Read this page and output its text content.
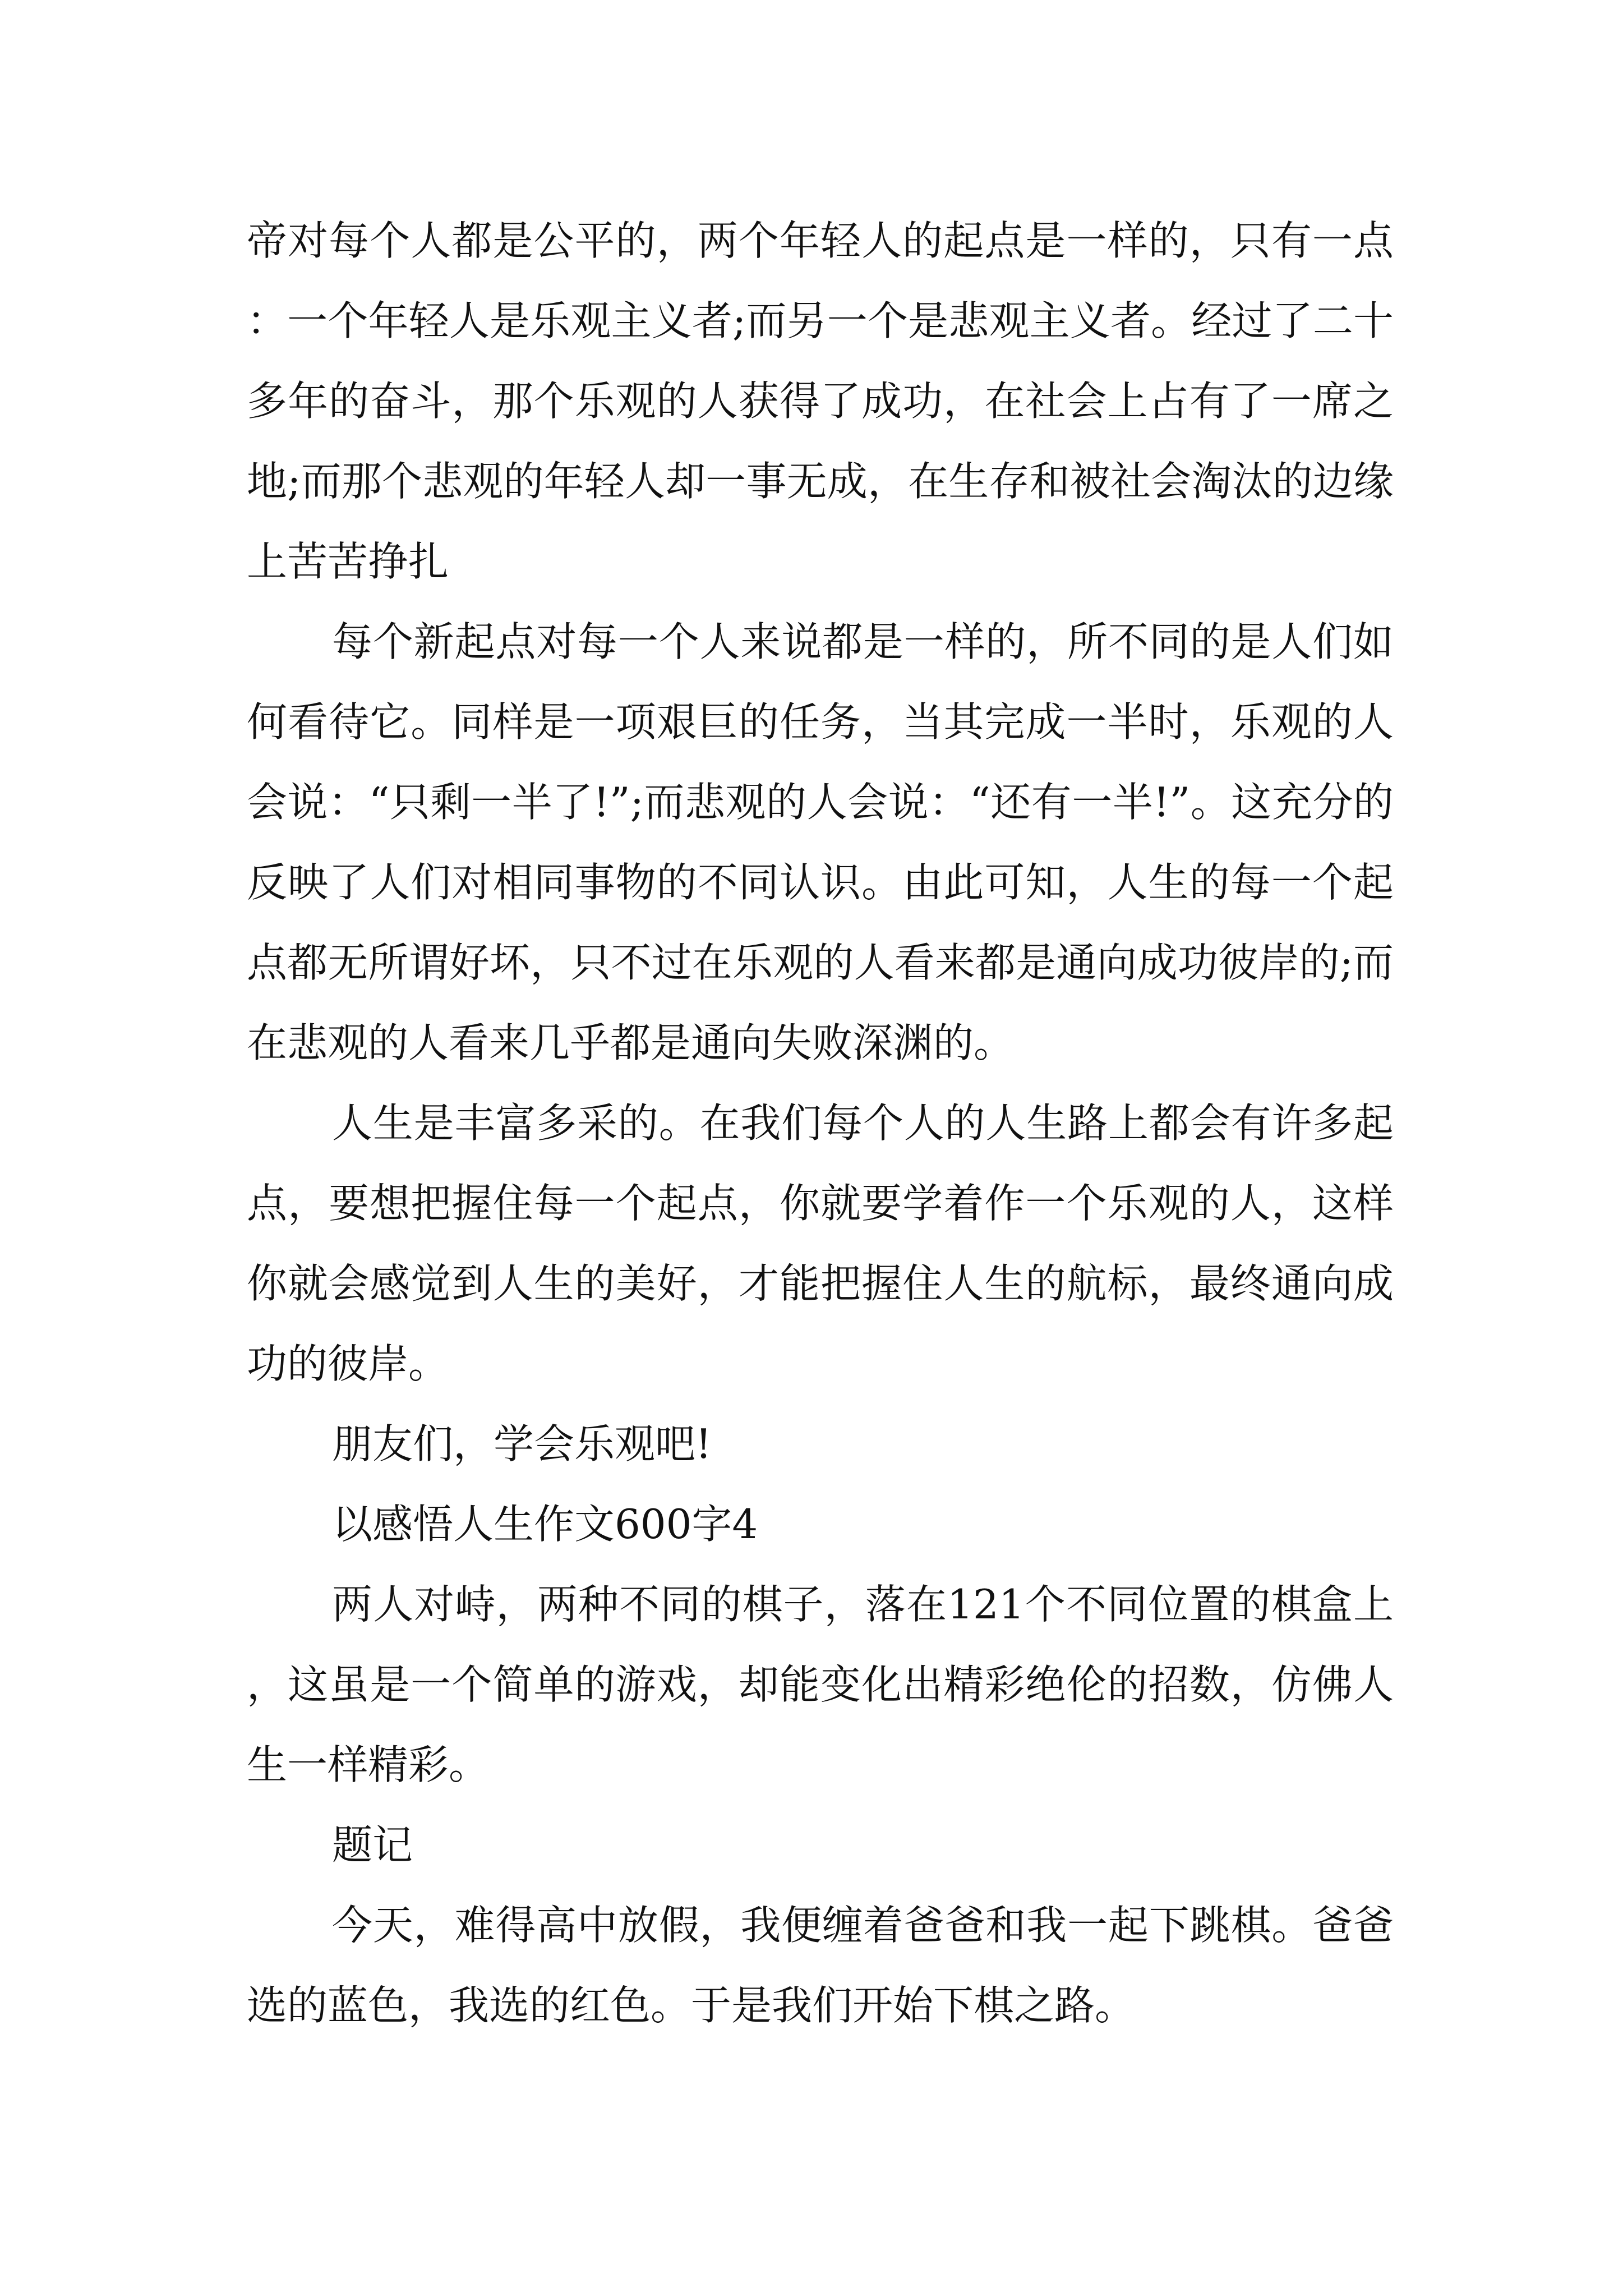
帝对每个人都是公平的，两个年轻人的起点是一样的，只有一点：一个年轻人是乐观主义者;而另一个是悲观主义者。经过了二十多年的奋斗，那个乐观的人获得了成功，在社会上占有了一席之地;而那个悲观的年轻人却一事无成，在生存和被社会淘汰的边缘上苦苦挣扎

每个新起点对每一个人来说都是一样的，所不同的是人们如何看待它。同样是一项艰巨的任务，当其完成一半时，乐观的人会说：“只剩一半了!”;而悲观的人会说：“还有一半!”。这充分的反映了人们对相同事物的不同认识。由此可知，人生的每一个起点都无所谓好坏，只不过在乐观的人看来都是通向成功彼岸的;而在悲观的人看来几乎都是通向失败深渊的。

人生是丰富多采的。在我们每个人的人生路上都会有许多起点，要想把握住每一个起点，你就要学着作一个乐观的人，这样你就会感觉到人生的美好，才能把握住人生的航标，最终通向成功的彼岸。

朋友们，学会乐观吧!

以感悟人生作文600字4

两人对峙，两种不同的棋子，落在121个不同位置的棋盒上，这虽是一个简单的游戏，却能变化出精彩绝伦的招数，仿佛人生一样精彩。

题记

今天，难得高中放假，我便缠着爸爸和我一起下跳棋。爸爸选的蓝色，我选的红色。于是我们开始下棋之路。
